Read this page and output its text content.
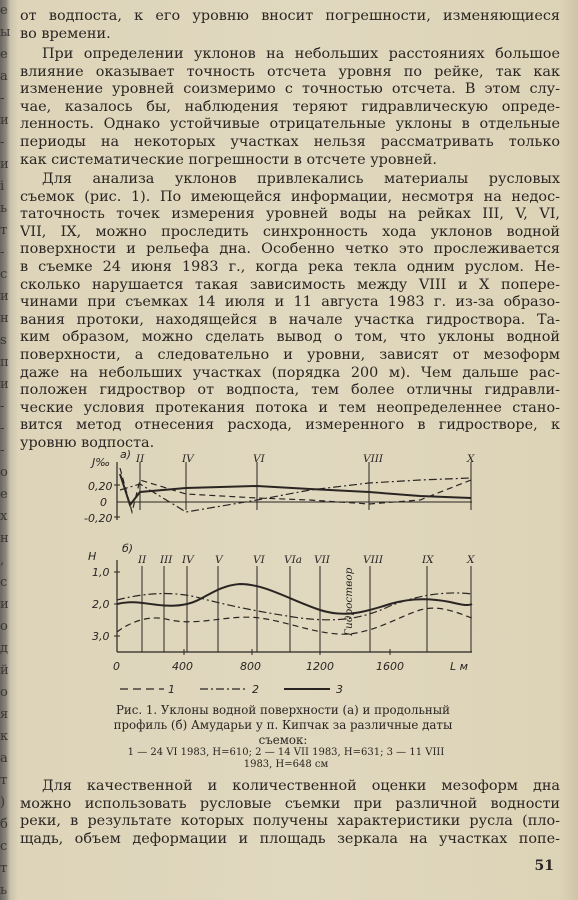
е
ы
е
а
-
и
-
и
i
ь
т
-
с
и
н
s
п
и
-
-
-
о
е
х
н
,
с
и
о
д
й
о
я
к
а
т
)
б
с
т
ь
от водпоста, к его уровню вносит погрешности, изменяющиеся
во времени.
При определении уклонов на небольших расстояниях большое
влияние оказывает точность отсчета уровня по рейке, так как
изменение уровней соизмеримо с точностью отсчета. В этом слу-
чае, казалось бы, наблюдения теряют гидравлическую опреде-
ленность. Однако устойчивые отрицательные уклоны в отдельные
периоды на некоторых участках нельзя рассматривать только
как систематические погрешности в отсчете уровней.
Для анализа уклонов привлекались материалы русловых
съемок (рис. 1). По имеющейся информации, несмотря на недос-
таточность точек измерения уровней воды на рейках III, V, VI,
VII, IX, можно проследить синхронность хода уклонов водной
поверхности и рельефа дна. Особенно четко это прослеживается
в съемке 24 июня 1983 г., когда река текла одним руслом. Не-
сколько нарушается такая зависимость между VIII и X попере-
чинами при съемках 14 июля и 11 августа 1983 г. из-за образо-
вания протоки, находящейся в начале участка гидроствора. Та-
ким образом, можно сделать вывод о том, что уклоны водной
поверхности, а следовательно и уровни, зависят от мезоформ
даже на небольших участках (порядка 200 м). Чем дальше рас-
положен гидроствор от водпоста, тем более отличны гидравли-
ческие условия протекания потока и тем неопределеннее стано-
вится метод отнесения расхода, измеренного в гидростворе, к
уровню водпоста.
J‰
а)
0,20
0
-0,20
II	IV	VI	VIII	X
H
б)
1,0
2,0
3,0
0	400	800	1200	1600	L м
II III IV V	VI VIa VII	VIII	IX	X
Гидроствор
1	2	3
Рис. 1. Уклоны водной поверхности (а) и продольный
профиль (б) Амударьи у п. Кипчак за различные даты
съемок:
1 — 24 VI 1983, H=610; 2 — 14 VII 1983, H=631; 3 — 11 VIII
1983, H=648 см
Для качественной и количественной оценки мезоформ дна
можно использовать русловые съемки при различной водности
реки, в результате которых получены характеристики русла (пло-
щадь, объем деформации и площадь зеркала на участках попе-
51
